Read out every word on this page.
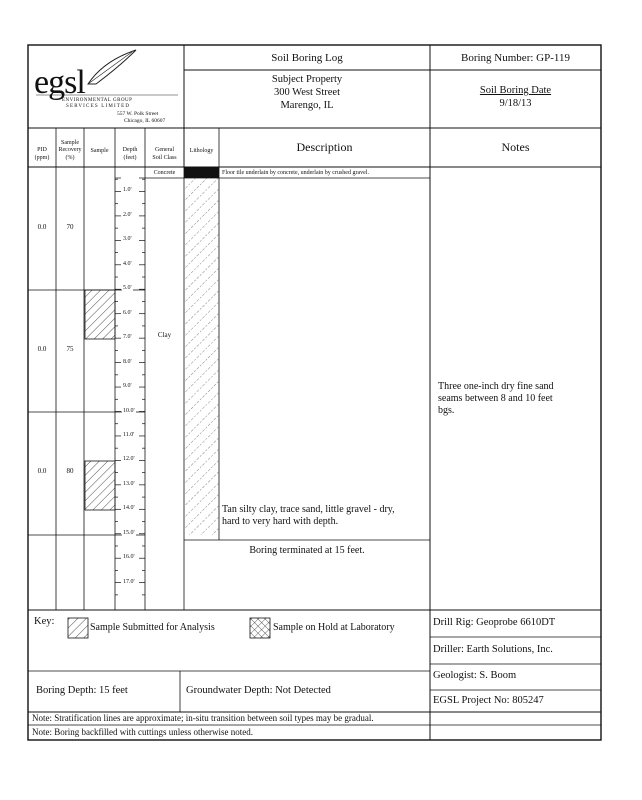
egsl
ENVIRONMENTAL GROUP
SERVICES LIMITED
557 W. Polk Street
Chicago, IL 60607
Soil Boring Log	Boring Number: GP-119
Subject Property
300 West Street
Marengo, IL
Soil Boring Date
9/18/13
PID
(ppm)
Sample
Recovery
(%)
Sample	Depth
(feet)
General
Soil Class
Lithology	Description	Notes
Concrete	Floor tile underlain by concrete, underlain by crushed gravel.
1.0'
2.0'
3.0'
4.0'
5.0'
6.0'
7.0'
8.0'
9.0'
10.0'
11.0'
12.0'
13.0'
14.0'
15.0'
16.0'
17.0'
0.0	70
0.0	75
0.0	80
Clay
Tan silty clay, trace sand, little gravel - dry,
hard to very hard with depth.
Boring terminated at 15 feet.
Three one-inch dry fine sand
seams between 8 and 10 feet
bgs.
Key:
Sample Submitted for Analysis	Sample on Hold at Laboratory	Drill Rig: Geoprobe 6610DT
Driller: Earth Solutions, Inc.
Geologist: S. Boom
EGSL Project No: 805247
Boring Depth: 15 feet	Groundwater Depth: Not Detected
Note: Stratification lines are approximate; in-situ transition between soil types may be gradual.
Note: Boring backfilled with cuttings unless otherwise noted.
